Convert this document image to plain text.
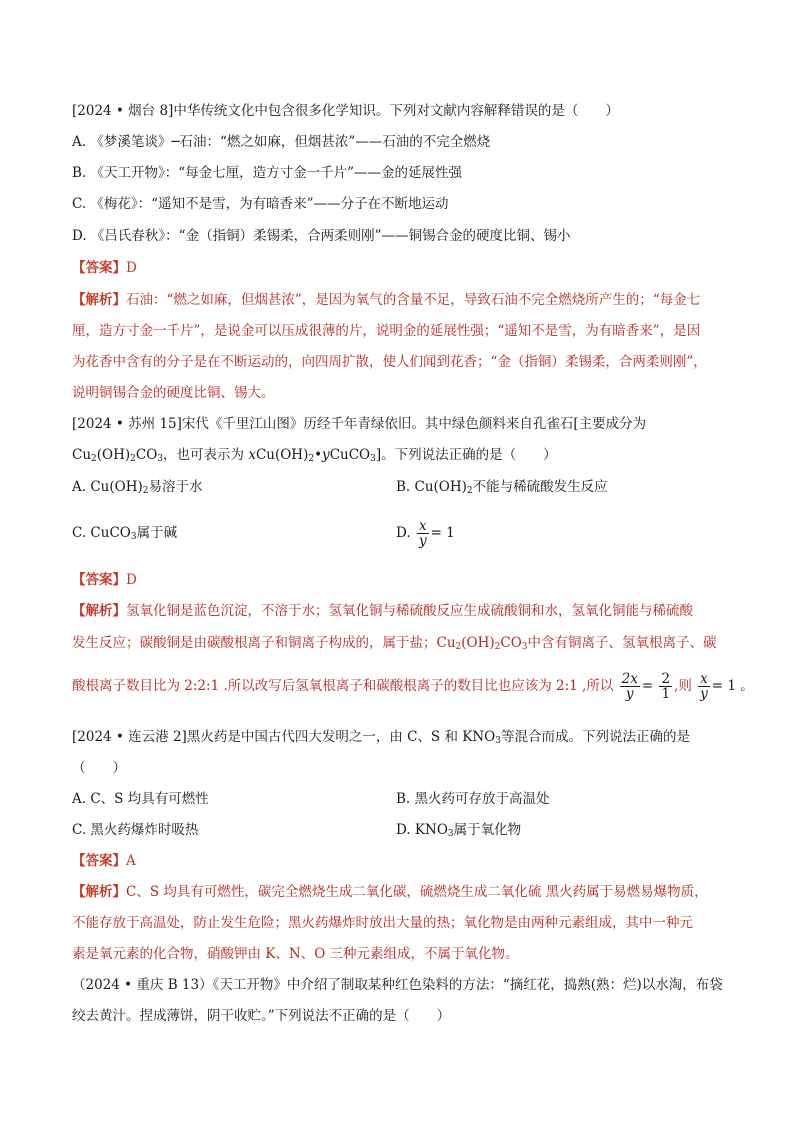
[2024 • 烟台 8]中华传统文化中包含很多化学知识。下列对文献内容解释错误的是（　　）
A. 《梦溪笔谈》─石油：“燃之如麻，但烟甚浓”——石油的不完全燃烧
B. 《天工开物》：“每金七厘，造方寸金一千片”——金的延展性强
C. 《梅花》：“遥知不是雪，为有暗香来”——分子在不断地运动
D. 《吕氏春秋》：“金（指铜）柔锡柔，合两柔则刚”——铜锡合金的硬度比铜、锡小
【答案】D
【解析】石油：“燃之如麻，但烟甚浓”，是因为氧气的含量不足，导致石油不完全燃烧所产生的；“每金七
厘，造方寸金一千片”，是说金可以压成很薄的片，说明金的延展性强；“遥知不是雪，为有暗香来”，是因
为花香中含有的分子是在不断运动的，向四周扩散，使人们闻到花香；“金（指铜）柔锡柔，合两柔则刚”，
说明铜锡合金的硬度比铜、锡大。
[2024 • 苏州 15]宋代《千里江山图》历经千年青绿依旧。其中绿色颜料来自孔雀石[主要成分为
$Cu_2(OH)_2CO_3$，也可表示为 $xCu(OH)_2•yCuCO_3$]。下列说法正确的是（　　）
A. $Cu(OH)_2$易溶于水	B. $Cu(OH)_2$不能与稀硫酸发生反应
C. CuCO$_3$属于碱	D. $\frac{x}{y} = 1$
【答案】D
【解析】氢氧化铜是蓝色沉淀，不溶于水；氢氧化铜与稀硫酸反应生成硫酸铜和水，氢氧化铜能与稀硫酸
发生反应；碳酸铜是由碳酸根离子和铜离子构成的，属于盐；$Cu_2(OH)_2CO_3$中含有铜离子、氢氧根离子、碳
酸根离子数目比为 2:2:1 .所以改写后氢氧根离子和碳酸根离子的数目比也应该为 2:1 ,所以 $\frac{2x}{y} = \frac{2}{1}$ ,则 $\frac{x}{y} = 1$ 。
[2024 • 连云港 2]黑火药是中国古代四大发明之一，由 C、S 和 $KNO_3$等混合而成。下列说法正确的是
（　　）
A. C、S 均具有可燃性	B. 黑火药可存放于高温处
C. 黑火药爆炸时吸热	D. $KNO_3$属于氧化物
【答案】A
【解析】C、S 均具有可燃性，碳完全燃烧生成二氧化碳，硫燃烧生成二氧化硫 黑火药属于易燃易爆物质，
不能存放于高温处，防止发生危险；黑火药爆炸时放出大量的热；氧化物是由两种元素组成，其中一种元
素是氧元素的化合物，硝酸钾由 K、N、O 三种元素组成，不属于氧化物。
（2024 • 重庆 B 13）《天工开物》中介绍了制取某种红色染料的方法：“摘红花，捣熟(熟：烂)以水淘，布袋
绞去黄汁。捏成薄饼，阴干收贮。”下列说法不正确的是（　　）
